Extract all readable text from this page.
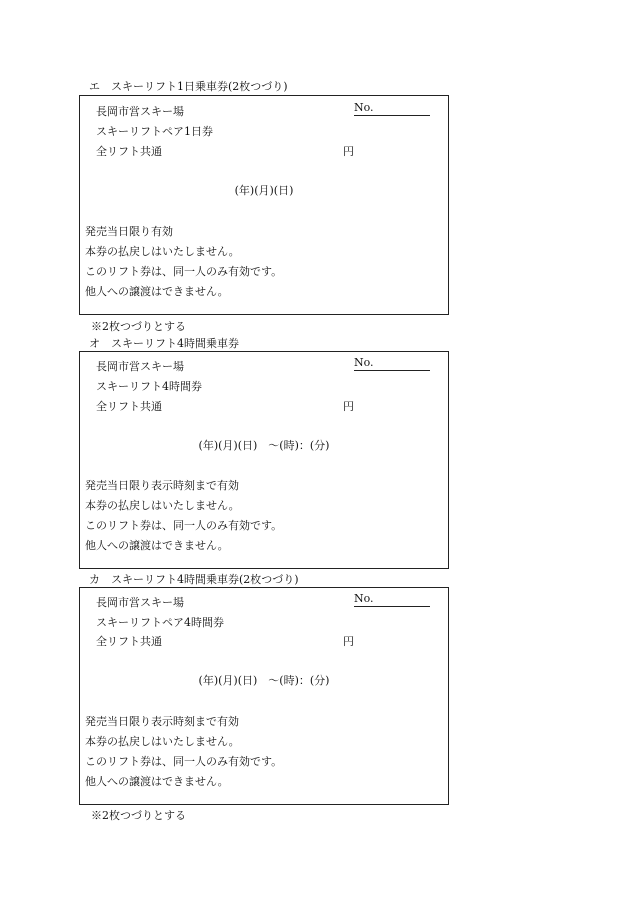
エ　スキーリフト1日乗車券(2枚つづり)
長岡市営スキー場	No.
スキーリフトペア1日券
全リフト共通	円
(年)(月)(日)
発売当日限り有効
本券の払戻しはいたしません。
このリフト券は、同一人のみ有効です。
他人への譲渡はできません。
※2枚つづりとする
オ　スキーリフト4時間乗車券
長岡市営スキー場	No.
スキーリフト4時間券
全リフト共通	円
(年)(月)(日)　～(時)：(分)
発売当日限り表示時刻まで有効
本券の払戻しはいたしません。
このリフト券は、同一人のみ有効です。
他人への譲渡はできません。
カ　スキーリフト4時間乗車券(2枚つづり)
長岡市営スキー場	No.
スキーリフトペア4時間券
全リフト共通	円
(年)(月)(日)　～(時)：(分)
発売当日限り表示時刻まで有効
本券の払戻しはいたしません。
このリフト券は、同一人のみ有効です。
他人への譲渡はできません。
※2枚つづりとする
